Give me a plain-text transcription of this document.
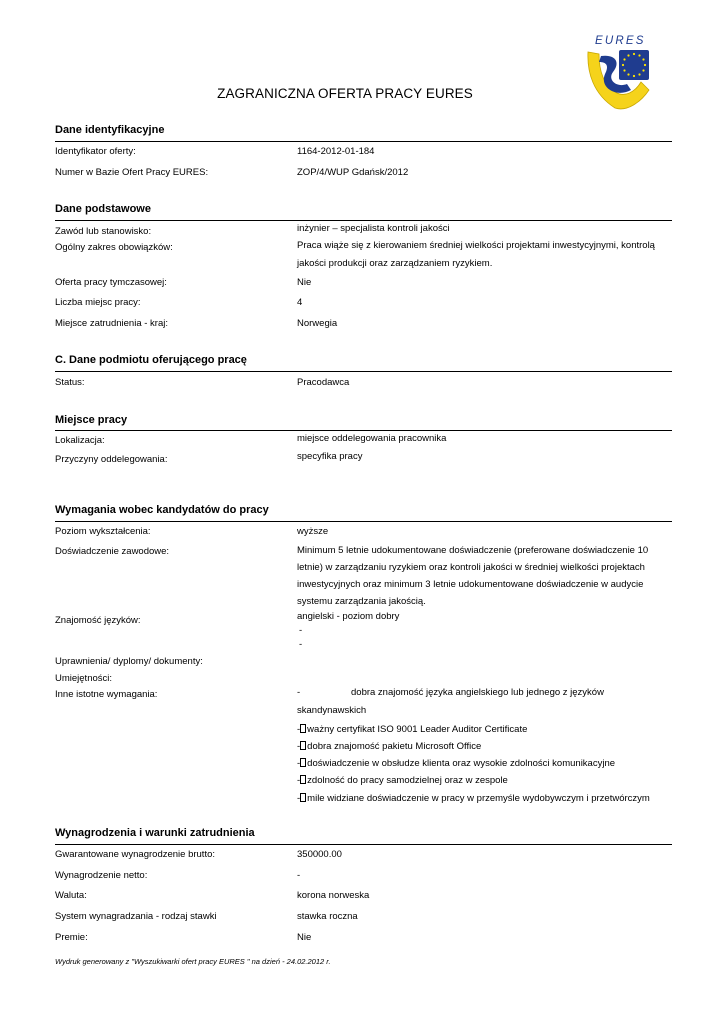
EURES
ZAGRANICZNA OFERTA PRACY EURES
Dane identyfikacyjne
Identyfikator oferty:	1164-2012-01-184
Numer w Bazie Ofert Pracy EURES:	ZOP/4/WUP Gdańsk/2012
Dane podstawowe
Zawód lub stanowisko:	inżynier – specjalista kontroli jakości
Ogólny zakres obowiązków:	Praca wiąże się z kierowaniem średniej wielkości projektami inwestycyjnymi, kontrolą
jakości produkcji oraz zarządzaniem ryzykiem.
Oferta pracy tymczasowej:	Nie
Liczba miejsc pracy:	4
Miejsce zatrudnienia - kraj:	Norwegia
C. Dane podmiotu oferującego pracę
Status:	Pracodawca
Miejsce pracy
Lokalizacja:	miejsce oddelegowania pracownika
Przyczyny oddelegowania:	specyfika pracy
Wymagania wobec kandydatów do pracy
Poziom wykształcenia:	wyższe
Doświadczenie zawodowe:	Minimum 5 letnie udokumentowane doświadczenie (preferowane doświadczenie 10
letnie) w zarządzaniu ryzykiem oraz kontroli jakości w średniej wielkości projektach
inwestycyjnych oraz minimum 3 letnie udokumentowane doświadczenie w audycie
systemu zarządzania jakością.
Znajomość języków:	angielski - poziom dobry
-
-
Uprawnienia/ dyplomy/ dokumenty:
Umiejętności:
Inne istotne wymagania:	-	dobra znajomość języka angielskiego lub jednego z języków
skandynawskich
- ważny certyfikat ISO 9001 Leader Auditor Certificate
- dobra znajomość pakietu Microsoft Office
- doświadczenie w obsłudze klienta oraz wysokie zdolności komunikacyjne
- zdolność do pracy samodzielnej oraz w zespole
- mile widziane doświadczenie w pracy w przemyśle wydobywczym i przetwórczym
Wynagrodzenia i warunki zatrudnienia
Gwarantowane wynagrodzenie brutto:	350000.00
Wynagrodzenie netto:	-
Waluta:	korona norweska
System wynagradzania - rodzaj stawki	stawka roczna
Premie:	Nie
Wydruk generowany z "Wyszukiwarki ofert pracy EURES " na dzień - 24.02.2012 r.
